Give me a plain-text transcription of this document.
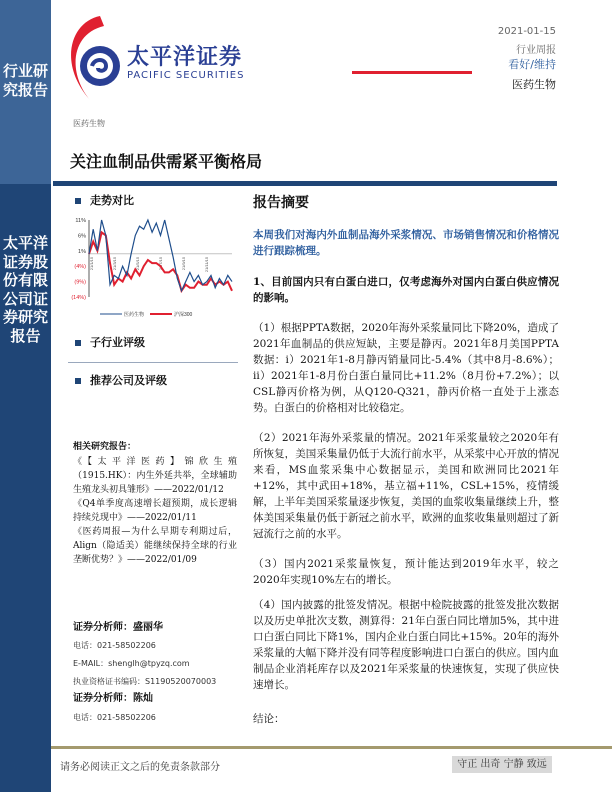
行业研究报告
太平洋证券股份有限公司证券研究报告
太平洋证券
PACIFIC SECURITIES
2021-01-15
行业周报
看好/维持
医药生物
医药生物
关注血制品供需紧平衡格局
走势对比
11%
6%
1%
(4%)
(9%)
(14%)
21/1/15	21/3/15	21/5/15	21/7/15	21/9/15	21/11/15
医药生物	沪深300
子行业评级
推荐公司及评级
相关研究报告：
《【太平洋医药】锦欣生殖（1915.HK）：内生外延共举，全球辅助生殖龙头初具雏形》——2022/01/12
《Q4单季度高速增长超预期，成长逻辑持续兑现中》——2022/01/11
《医药周报—为什么早期专利期过后，Align（隐适美）能继续保持全球的行业垄断优势？》——2022/01/09
证券分析师：盛丽华
电话：021-58502206
E-MAIL：shenglh@tpyzq.com
执业资格证书编码：S1190520070003
证券分析师：陈灿
电话：021-58502206
报告摘要
本周我们对海内外血制品海外采浆情况、市场销售情况和价格情况进行跟踪梳理。
1、目前国内只有白蛋白进口，仅考虑海外对国内白蛋白供应情况的影响。
（1）根据PPTA数据，2020年海外采浆量同比下降20%，造成了2021年血制品的供应短缺，主要是静丙。2021年8月美国PPTA数据：i）2021年1-8月静丙销量同比-5.4%（其中8月-8.6%）；ii）2021年1-8月份白蛋白量同比+11.2%（8月份+7.2%）；以CSL静丙价格为例，从Q120-Q321，静丙价格一直处于上涨态势。白蛋白的价格相对比较稳定。
（2）2021年海外采浆量的情况。2021年采浆量较之2020年有所恢复，美国采集量仍低于大流行前水平，从采浆中心开放的情况来看，MS血浆采集中心数据显示，美国和欧洲同比2021年+12%，其中武田+18%，基立福+11%，CSL+15%，疫情缓解，上半年美国采浆量逐步恢复，美国的血浆收集量继续上升，整体美国采集量仍低于新冠之前水平，欧洲的血浆收集量则超过了新冠流行之前的水平。
（3）国内2021采浆量恢复，预计能达到2019年水平，较之2020年实现10%左右的增长。
（4）国内披露的批签发情况。根据中检院披露的批签发批次数据以及历史单批次支数，测算得：21年白蛋白同比增加5%，其中进口白蛋白同比下降1%，国内企业白蛋白同比+15%。20年的海外采浆量的大幅下降并没有同等程度影响进口白蛋白的供应。国内血制品企业消耗库存以及2021年采浆量的快速恢复，实现了供应快速增长。
结论：
请务必阅读正文之后的免责条款部分	守正 出奇 宁静 致远
